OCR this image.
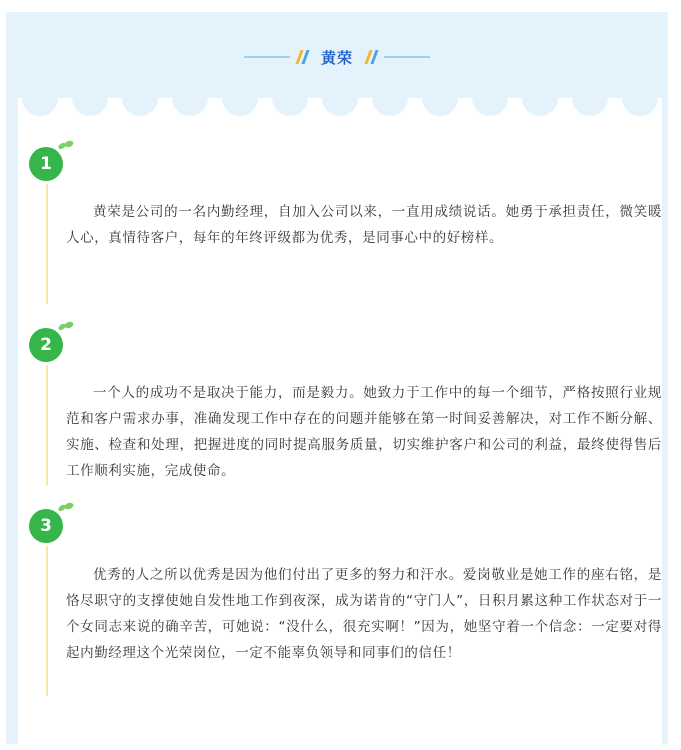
黄荣
1

黄荣是公司的一名内勤经理，自加入公司以来，一直用成绩说话。她勇于承担责任，微笑暖人心，真情待客户，每年的年终评级都为优秀，是同事心中的好榜样。

2

一个人的成功不是取决于能力，而是毅力。她致力于工作中的每一个细节，严格按照行业规范和客户需求办事，准确发现工作中存在的问题并能够在第一时间妥善解决，对工作不断分解、实施、检查和处理，把握进度的同时提高服务质量，切实维护客户和公司的利益，最终使得售后工作顺利实施，完成使命。

3

优秀的人之所以优秀是因为他们付出了更多的努力和汗水。爱岗敬业是她工作的座右铭，是恪尽职守的支撑使她自发性地工作到夜深，成为诺肯的“守门人”，日积月累这种工作状态对于一个女同志来说的确辛苦，可她说：“没什么，很充实啊！”因为，她坚守着一个信念：一定要对得起内勤经理这个光荣岗位，一定不能辜负领导和同事们的信任！
